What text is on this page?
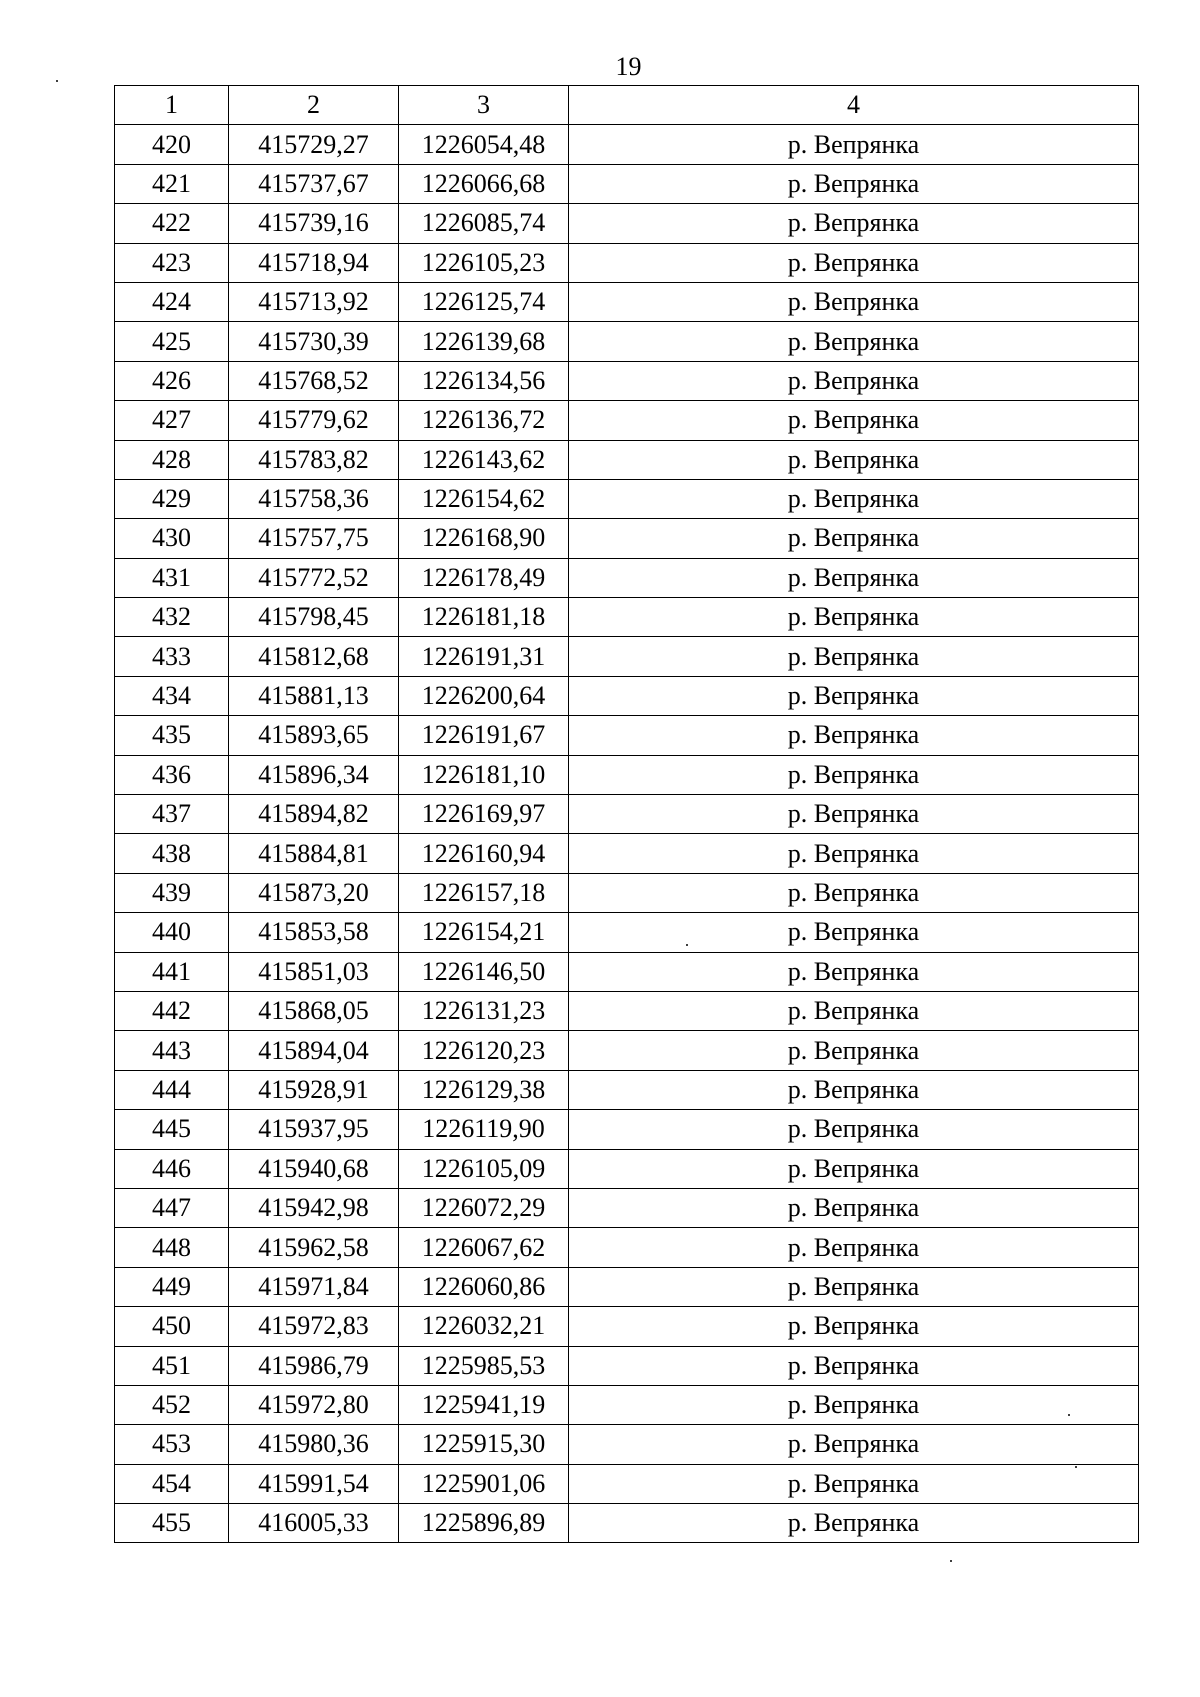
19
1	2	3	4
420	415729,27	1226054,48	р. Вепрянка
421	415737,67	1226066,68	р. Вепрянка
422	415739,16	1226085,74	р. Вепрянка
423	415718,94	1226105,23	р. Вепрянка
424	415713,92	1226125,74	р. Вепрянка
425	415730,39	1226139,68	р. Вепрянка
426	415768,52	1226134,56	р. Вепрянка
427	415779,62	1226136,72	р. Вепрянка
428	415783,82	1226143,62	р. Вепрянка
429	415758,36	1226154,62	р. Вепрянка
430	415757,75	1226168,90	р. Вепрянка
431	415772,52	1226178,49	р. Вепрянка
432	415798,45	1226181,18	р. Вепрянка
433	415812,68	1226191,31	р. Вепрянка
434	415881,13	1226200,64	р. Вепрянка
435	415893,65	1226191,67	р. Вепрянка
436	415896,34	1226181,10	р. Вепрянка
437	415894,82	1226169,97	р. Вепрянка
438	415884,81	1226160,94	р. Вепрянка
439	415873,20	1226157,18	р. Вепрянка
440	415853,58	1226154,21	р. Вепрянка
441	415851,03	1226146,50	р. Вепрянка
442	415868,05	1226131,23	р. Вепрянка
443	415894,04	1226120,23	р. Вепрянка
444	415928,91	1226129,38	р. Вепрянка
445	415937,95	1226119,90	р. Вепрянка
446	415940,68	1226105,09	р. Вепрянка
447	415942,98	1226072,29	р. Вепрянка
448	415962,58	1226067,62	р. Вепрянка
449	415971,84	1226060,86	р. Вепрянка
450	415972,83	1226032,21	р. Вепрянка
451	415986,79	1225985,53	р. Вепрянка
452	415972,80	1225941,19	р. Вепрянка
453	415980,36	1225915,30	р. Вепрянка
454	415991,54	1225901,06	р. Вепрянка
455	416005,33	1225896,89	р. Вепрянка
